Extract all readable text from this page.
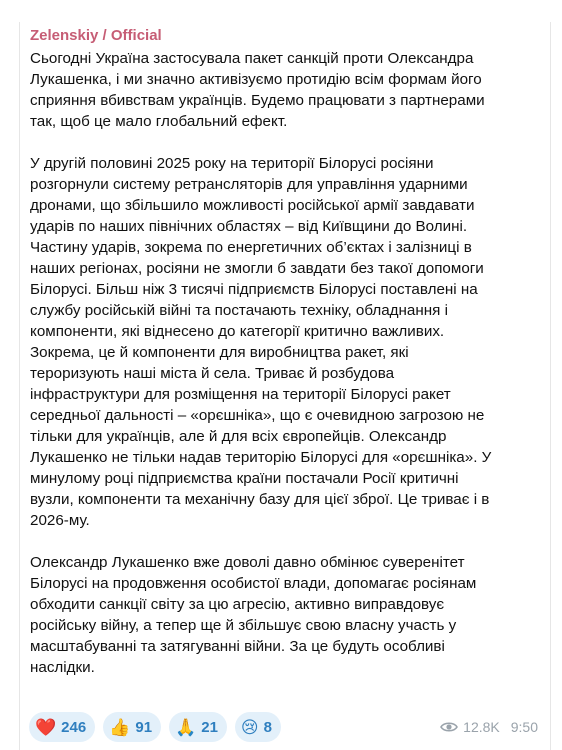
Zelenskiy / Official

Сьогодні Україна застосувала пакет санкцій проти Олександра
Лукашенка, і ми значно активізуємо протидію всім формам його
сприяння вбивствам українців. Будемо працювати з партнерами
так, щоб це мало глобальний ефект.

У другій половині 2025 року на території Білорусі росіяни
розгорнули систему ретрансляторів для управління ударними
дронами, що збільшило можливості російської армії завдавати
ударів по наших північних областях – від Київщини до Волині.
Частину ударів, зокрема по енергетичних об’єктах і залізниці в
наших регіонах, росіяни не змогли б завдати без такої допомоги
Білорусі. Більш ніж 3 тисячі підприємств Білорусі поставлені на
службу російській війні та постачають техніку, обладнання і
компоненти, які віднесено до категорії критично важливих.
Зокрема, це й компоненти для виробництва ракет, які
тероризують наші міста й села. Триває й розбудова
інфраструктури для розміщення на території Білорусі ракет
середньої дальності – «орєшніка», що є очевидною загрозою не
тільки для українців, але й для всіх європейців. Олександр
Лукашенко не тільки надав територію Білорусі для «орєшніка». У
минулому році підприємства країни постачали Росії критичні
вузли, компоненти та механічну базу для цієї зброї. Це триває і в
2026-му.

Олександр Лукашенко вже доволі давно обмінює суверенітет
Білорусі на продовження особистої влади, допомагає росіянам
обходити санкції світу за цю агресію, активно виправдовує
російську війну, а тепер ще й збільшує свою власну участь у
масштабуванні та затягуванні війни. За це будуть особливі
наслідки.

❤️ 246 👍 91 🙏 21 😢 8	12.8K 9:50
